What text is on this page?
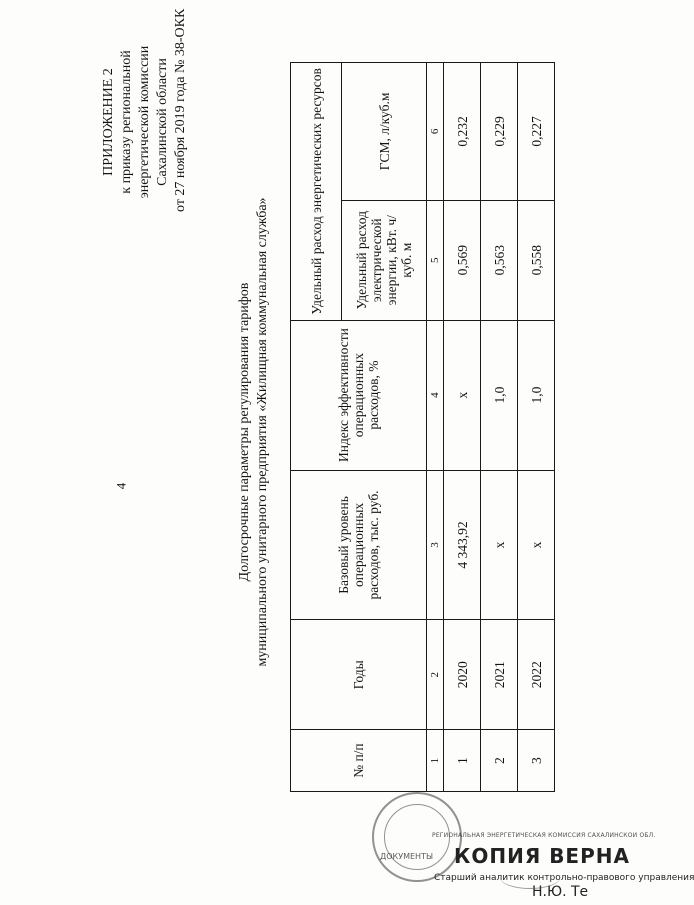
4
ПРИЛОЖЕНИЕ 2 к приказу региональной энергетической комиссии Сахалинской области от 27 ноября 2019 года № 38-ОКК
Долгосрочные параметры регулирования тарифов муниципального унитарного предприятия «Жилищная коммунальная служба»
№ п/п	Годы	Базовый уровень операционных расходов, тыс. руб.	Индекс эффективности операционных расходов, %	Удельный расход энергетических ресурсов	
				Удельный расход электрической энергии, кВт. ч/куб. м	ГСМ, л/куб.м
1	2	3	4	5	6
1	2020	4 343,92	х	0,569	0,232
2	2021	х	1,0	0,563	0,229
3	2022	х	1,0	0,558	0,227
ДОКУМЕНТЫ
РЕГИОНАЛЬНАЯ ЭНЕРГЕТИЧЕСКАЯ КОМИССИЯ САХАЛИНСКОЙ ОБЛ.
КОПИЯ ВЕРНА
Старший аналитик контрольно-правового управления
Н.Ю. Те
